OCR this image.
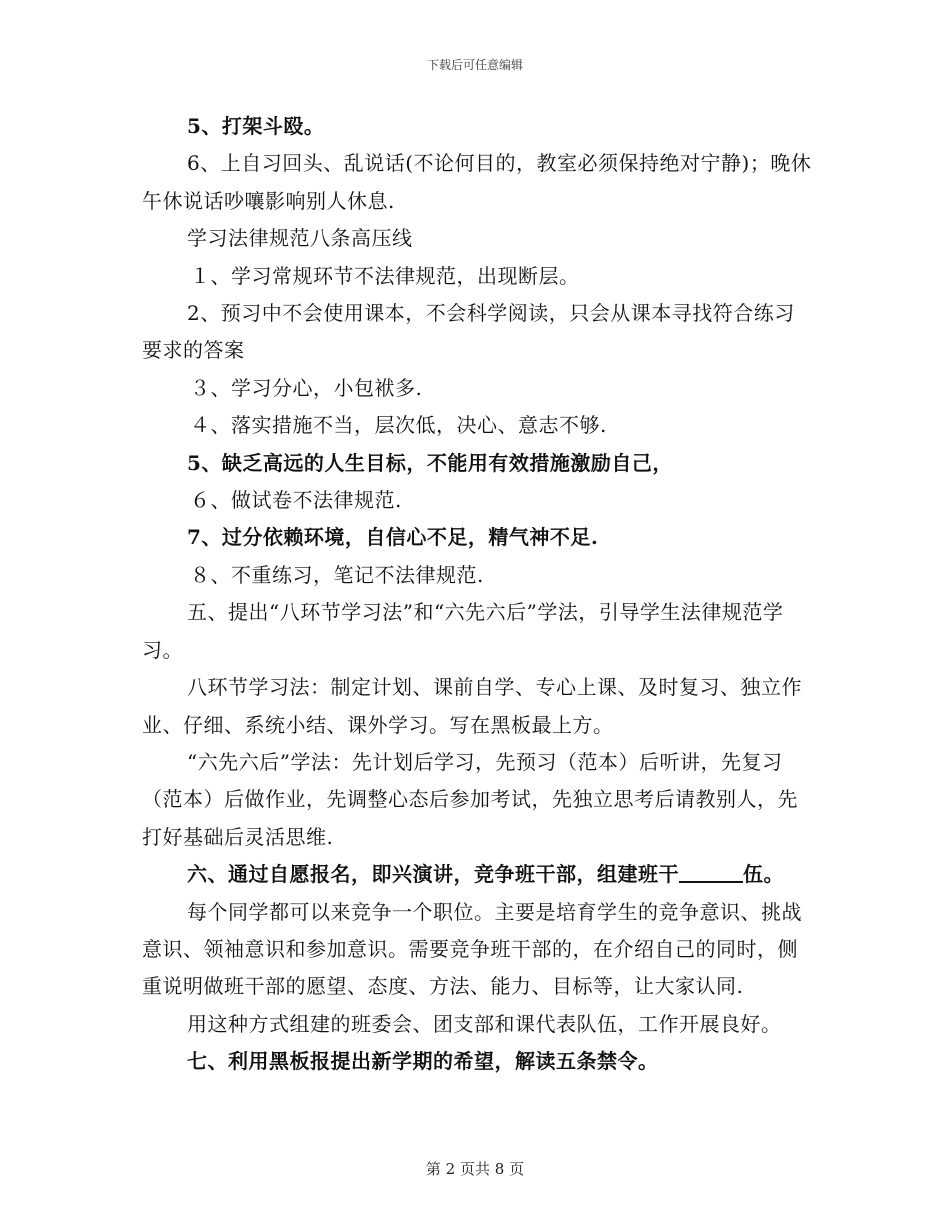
下载后可任意编辑

5、打架斗殴。

6、上自习回头、乱说话(不论何目的，教室必须保持绝对宁静)；晚休午休说话吵嚷影响别人休息.

学习法律规范八条高压线

１、学习常规环节不法律规范，出现断层。

2、预习中不会使用课本，不会科学阅读，只会从课本寻找符合练习要求的答案

３、学习分心，小包袱多.

４、落实措施不当，层次低，决心、意志不够.

5、缺乏高远的人生目标，不能用有效措施激励自己，

６、做试卷不法律规范.

7、过分依赖环境，自信心不足，精气神不足.

８、不重练习，笔记不法律规范.

五、提出“八环节学习法”和“六先六后”学法，引导学生法律规范学习。

八环节学习法：制定计划、课前自学、专心上课、及时复习、独立作业、仔细、系统小结、课外学习。写在黑板最上方。

“六先六后”学法：先计划后学习，先预习（范本）后听讲，先复习（范本）后做作业，先调整心态后参加考试，先独立思考后请教别人，先打好基础后灵活思维.

六、通过自愿报名，即兴演讲，竞争班干部，组建班干	伍。

每个同学都可以来竞争一个职位。主要是培育学生的竞争意识、挑战意识、领袖意识和参加意识。需要竞争班干部的，在介绍自己的同时，侧重说明做班干部的愿望、态度、方法、能力、目标等，让大家认同.

用这种方式组建的班委会、团支部和课代表队伍，工作开展良好。

七、利用黑板报提出新学期的希望，解读五条禁令。

第 2 页共 8 页
